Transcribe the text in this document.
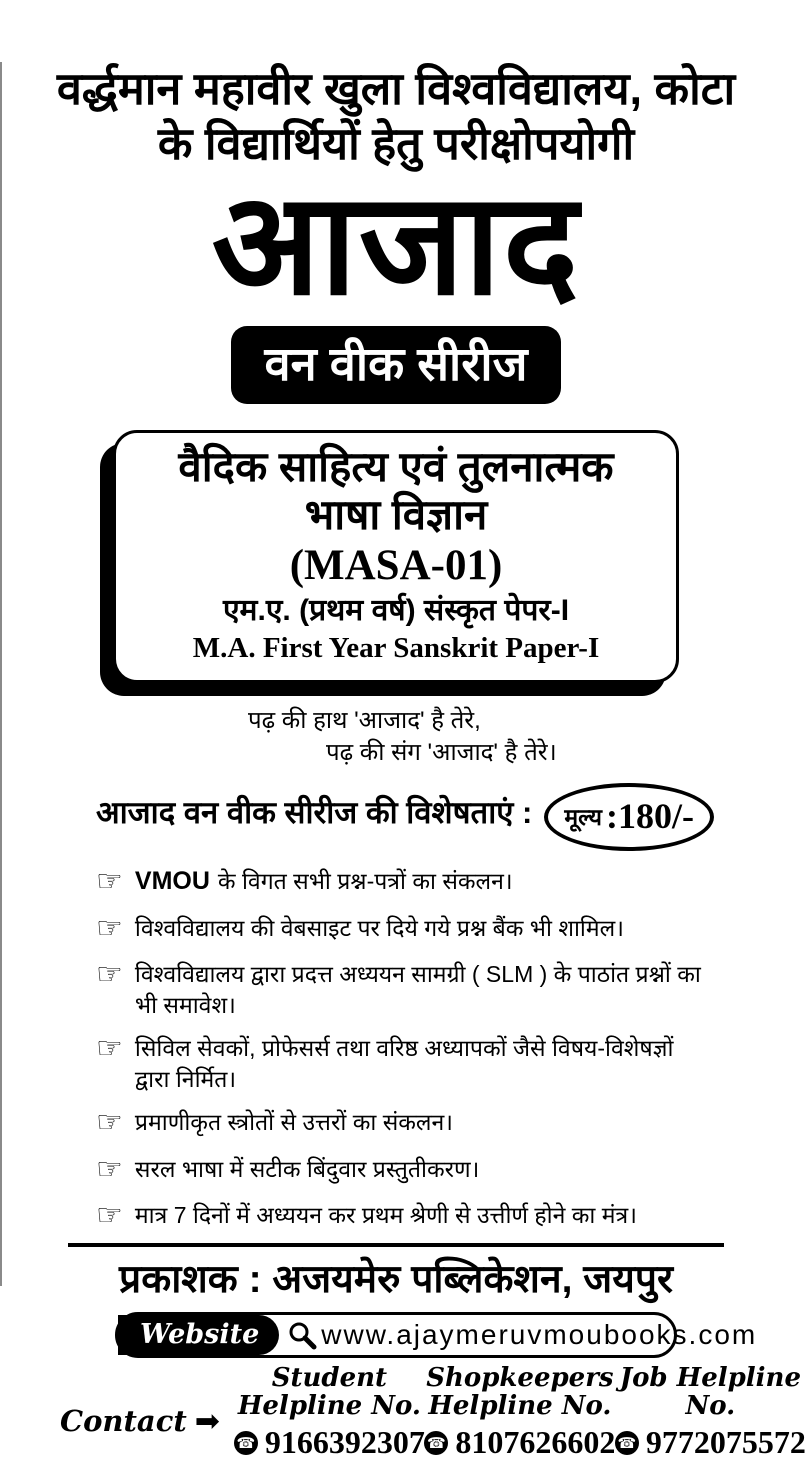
वर्द्धमान महावीर खुला विश्वविद्यालय, कोटा
के विद्यार्थियों हेतु परीक्षोपयोगी
आजाद
वन वीक सीरीज
वैदिक साहित्य एवं तुलनात्मक
भाषा विज्ञान
(MASA-01)
एम.ए. (प्रथम वर्ष) संस्कृत पेपर-I
M.A. First Year Sanskrit Paper-I
पढ़ की हाथ 'आजाद' है तेरे,
पढ़ की संग 'आजाद' है तेरे।
आजाद वन वीक सीरीज की विशेषताएं : मूल्य :180/-
☞ VMOU के विगत सभी प्रश्न-पत्रों का संकलन।
☞ विश्वविद्यालय की वेबसाइट पर दिये गये प्रश्न बैंक भी शामिल।
☞ विश्वविद्यालय द्वारा प्रदत्त अध्ययन सामग्री ( SLM ) के पाठांत प्रश्नों का भी समावेश।
☞ सिविल सेवकों, प्रोफेसर्स तथा वरिष्ठ अध्यापकों जैसे विषय-विशेषज्ञों द्वारा निर्मित।
☞ प्रमाणीकृत स्त्रोतों से उत्तरों का संकलन।
☞ सरल भाषा में सटीक बिंदुवार प्रस्तुतीकरण।
☞ मात्र 7 दिनों में अध्ययन कर प्रथम श्रेणी से उत्तीर्ण होने का मंत्र।
प्रकाशक : अजयमेरु पब्लिकेशन, जयपुर
Website	www.ajaymeruvmoubooks.com
Contact ➡
Student Helpline No.
☎ 9166392307
Shopkeepers Helpline No.
☎ 8107626602
Job Helpline No.
☎ 9772075572
